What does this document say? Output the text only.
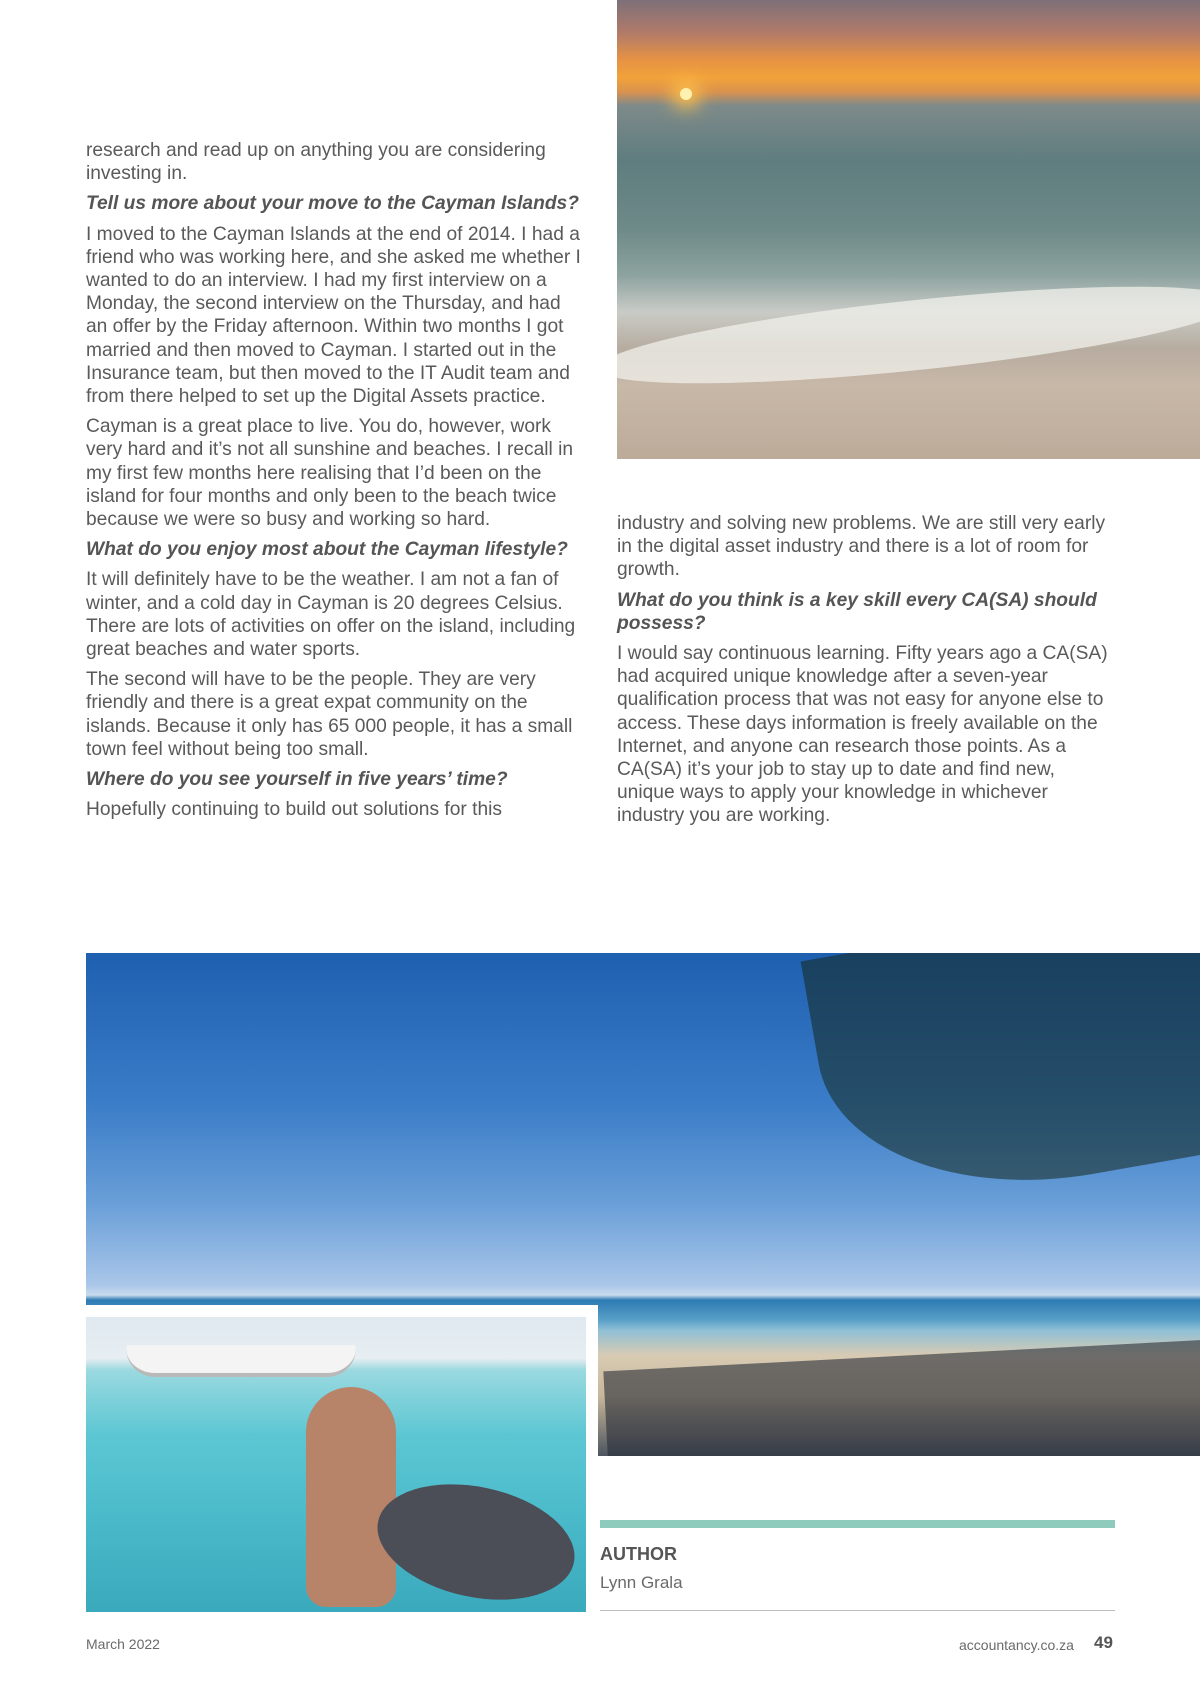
research and read up on anything you are considering investing in.

Tell us more about your move to the Cayman Islands?

I moved to the Cayman Islands at the end of 2014. I had a friend who was working here, and she asked me whether I wanted to do an interview. I had my first interview on a Monday, the second interview on the Thursday, and had an offer by the Friday afternoon. Within two months I got married and then moved to Cayman. I started out in the Insurance team, but then moved to the IT Audit team and from there helped to set up the Digital Assets practice.

Cayman is a great place to live. You do, however, work very hard and it’s not all sunshine and beaches. I recall in my first few months here realising that I’d been on the island for four months and only been to the beach twice because we were so busy and working so hard.

What do you enjoy most about the Cayman lifestyle?

It will definitely have to be the weather. I am not a fan of winter, and a cold day in Cayman is 20 degrees Celsius. There are lots of activities on offer on the island, including great beaches and water sports.

The second will have to be the people. They are very friendly and there is a great expat community on the islands. Because it only has 65 000 people, it has a small town feel without being too small.

Where do you see yourself in five years’ time?

Hopefully continuing to build out solutions for this

industry and solving new problems. We are still very early in the digital asset industry and there is a lot of room for growth.

What do you think is a key skill every CA(SA) should possess?

I would say continuous learning. Fifty years ago a CA(SA) had acquired unique knowledge after a seven-year qualification process that was not easy for anyone else to access. These days information is freely available on the Internet, and anyone can research those points. As a CA(SA) it’s your job to stay up to date and find new, unique ways to apply your knowledge in whichever industry you are working.

AUTHOR
Lynn Grala
March 2022	accountancy.co.za 49
